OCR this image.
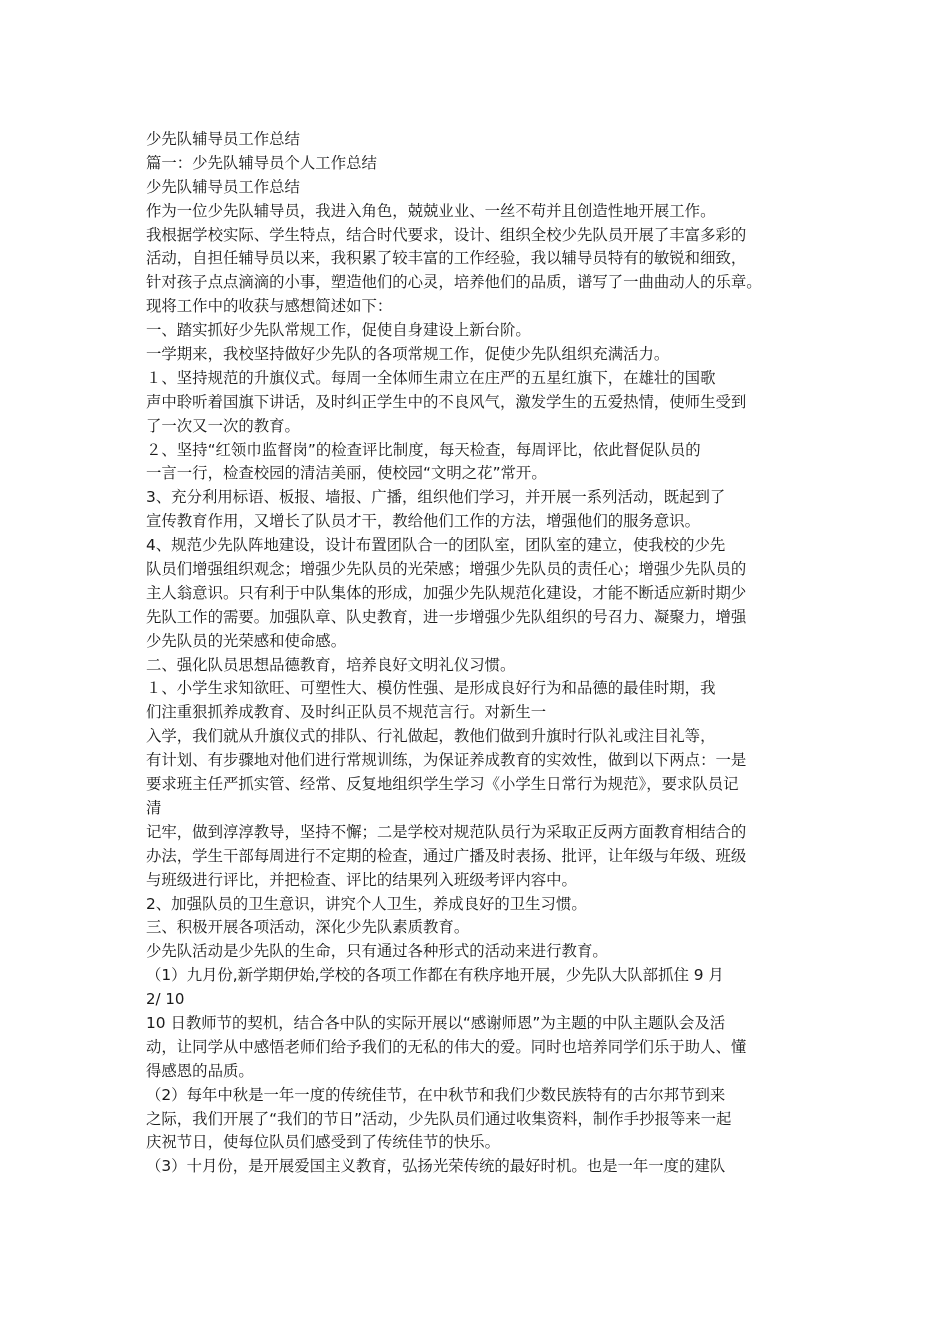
少先队辅导员工作总结
篇一：少先队辅导员个人工作总结
少先队辅导员工作总结
作为一位少先队辅导员，我进入角色，兢兢业业、一丝不苟并且创造性地开展工作。
我根据学校实际、学生特点，结合时代要求，设计、组织全校少先队员开展了丰富多彩的
活动，自担任辅导员以来，我积累了较丰富的工作经验，我以辅导员特有的敏锐和细致，
针对孩子点点滴滴的小事，塑造他们的心灵，培养他们的品质，谱写了一曲曲动人的乐章。
现将工作中的收获与感想简述如下：
一、踏实抓好少先队常规工作，促使自身建设上新台阶。
一学期来，我校坚持做好少先队的各项常规工作，促使少先队组织充满活力。
１、坚持规范的升旗仪式。每周一全体师生肃立在庄严的五星红旗下，在雄壮的国歌
声中聆听着国旗下讲话，及时纠正学生中的不良风气，激发学生的五爱热情，使师生受到
了一次又一次的教育。
２、坚持“红领巾监督岗”的检查评比制度，每天检查，每周评比，依此督促队员的
一言一行，检查校园的清洁美丽，使校园“文明之花”常开。
3、充分利用标语、板报、墙报、广播，组织他们学习，并开展一系列活动，既起到了
宣传教育作用，又增长了队员才干，教给他们工作的方法，增强他们的服务意识。
4、规范少先队阵地建设，设计布置团队合一的团队室，团队室的建立，使我校的少先
队员们增强组织观念；增强少先队员的光荣感；增强少先队员的责任心；增强少先队员的
主人翁意识。只有利于中队集体的形成，加强少先队规范化建设，才能不断适应新时期少
先队工作的需要。加强队章、队史教育，进一步增强少先队组织的号召力、凝聚力，增强
少先队员的光荣感和使命感。
二、强化队员思想品德教育，培养良好文明礼仪习惯。
１、小学生求知欲旺、可塑性大、模仿性强、是形成良好行为和品德的最佳时期，我
们注重狠抓养成教育、及时纠正队员不规范言行。对新生一
入学，我们就从升旗仪式的排队、行礼做起，教他们做到升旗时行队礼或注目礼等，
有计划、有步骤地对他们进行常规训练，为保证养成教育的实效性，做到以下两点：一是
要求班主任严抓实管、经常、反复地组织学生学习《小学生日常行为规范》，要求队员记
清
记牢，做到淳淳教导，坚持不懈；二是学校对规范队员行为采取正反两方面教育相结合的
办法，学生干部每周进行不定期的检查，通过广播及时表扬、批评，让年级与年级、班级
与班级进行评比，并把检查、评比的结果列入班级考评内容中。
2、加强队员的卫生意识，讲究个人卫生，养成良好的卫生习惯。
三、积极开展各项活动，深化少先队素质教育。
少先队活动是少先队的生命，只有通过各种形式的活动来进行教育。
（1）九月份,新学期伊始,学校的各项工作都在有秩序地开展，少先队大队部抓住 9 月
2/ 10
10 日教师节的契机，结合各中队的实际开展以“感谢师恩”为主题的中队主题队会及活
动，让同学从中感悟老师们给予我们的无私的伟大的爱。同时也培养同学们乐于助人、懂
得感恩的品质。
（2）每年中秋是一年一度的传统佳节，在中秋节和我们少数民族特有的古尔邦节到来
之际，我们开展了“我们的节日”活动，少先队员们通过收集资料，制作手抄报等来一起
庆祝节日，使每位队员们感受到了传统佳节的快乐。
（3）十月份，是开展爱国主义教育，弘扬光荣传统的最好时机。也是一年一度的建队
